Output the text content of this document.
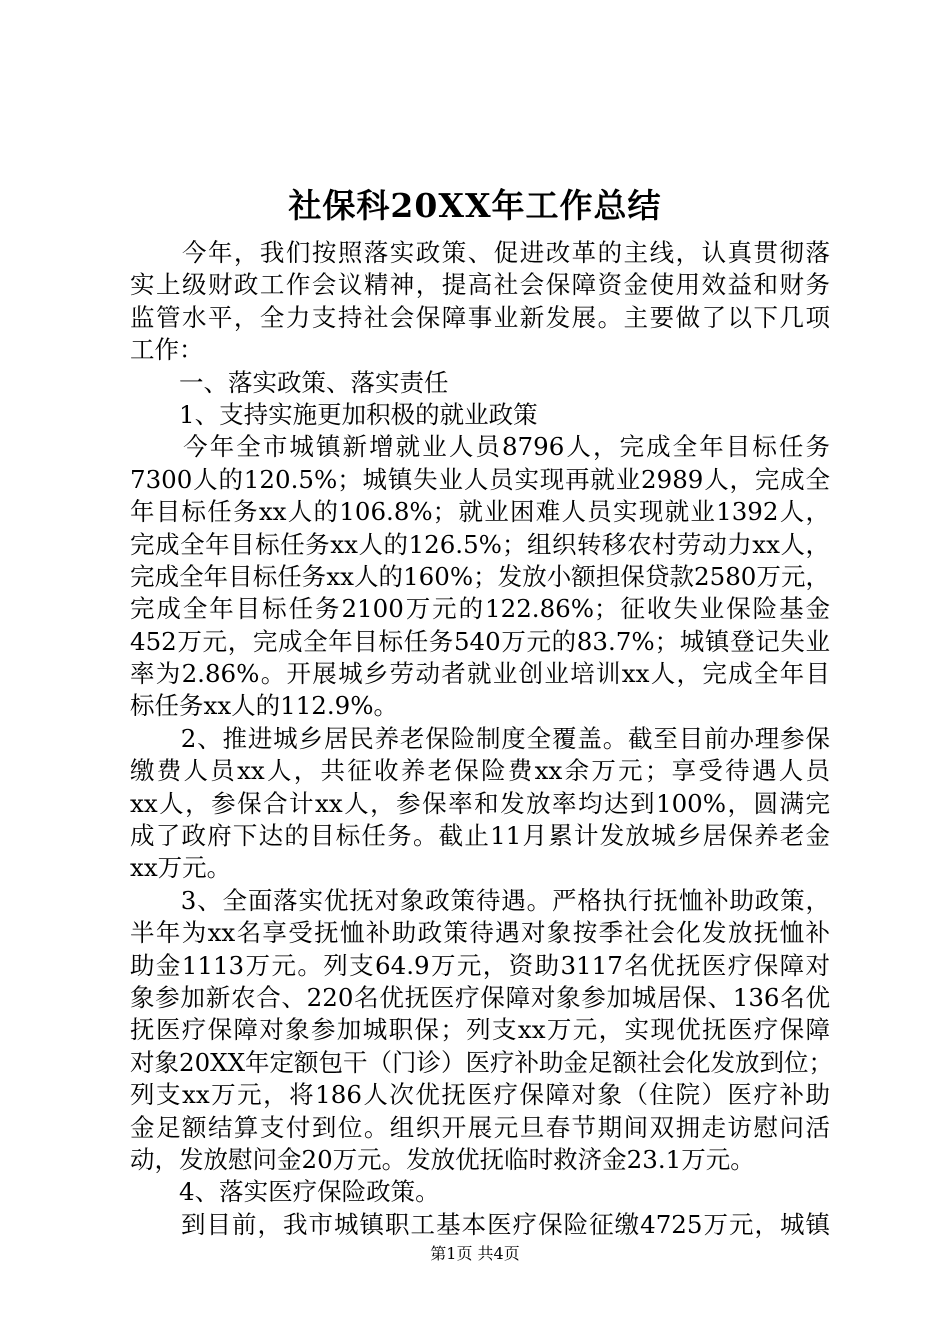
社保科20XX年工作总结
　　今年，我们按照落实政策、促进改革的主线，认真贯彻落
实上级财政工作会议精神，提高社会保障资金使用效益和财务
监管水平，全力支持社会保障事业新发展。主要做了以下几项
工作：
　　一、落实政策、落实责任
　　1、支持实施更加积极的就业政策
　　今年全市城镇新增就业人员8796人，完成全年目标任务
7300人的120.5%；城镇失业人员实现再就业2989人，完成全
年目标任务xx人的106.8%；就业困难人员实现就业1392人，
完成全年目标任务xx人的126.5%；组织转移农村劳动力xx人，
完成全年目标任务xx人的160%；发放小额担保贷款2580万元，
完成全年目标任务2100万元的122.86%；征收失业保险基金
452万元，完成全年目标任务540万元的83.7%；城镇登记失业
率为2.86%。开展城乡劳动者就业创业培训xx人，完成全年目
标任务xx人的112.9%。
　　2、推进城乡居民养老保险制度全覆盖。截至目前办理参保
缴费人员xx人，共征收养老保险费xx余万元；享受待遇人员
xx人，参保合计xx人，参保率和发放率均达到100%，圆满完
成了政府下达的目标任务。截止11月累计发放城乡居保养老金
xx万元。
　　3、全面落实优抚对象政策待遇。严格执行抚恤补助政策，
半年为xx名享受抚恤补助政策待遇对象按季社会化发放抚恤补
助金1113万元。列支64.9万元，资助3117名优抚医疗保障对
象参加新农合、220名优抚医疗保障对象参加城居保、136名优
抚医疗保障对象参加城职保；列支xx万元，实现优抚医疗保障
对象20XX年定额包干（门诊）医疗补助金足额社会化发放到位；
列支xx万元，将186人次优抚医疗保障对象（住院）医疗补助
金足额结算支付到位。组织开展元旦春节期间双拥走访慰问活
动，发放慰问金20万元。发放优抚临时救济金23.1万元。
　　4、落实医疗保险政策。
　　到目前，我市城镇职工基本医疗保险征缴4725万元，城镇
第1页 共4页
